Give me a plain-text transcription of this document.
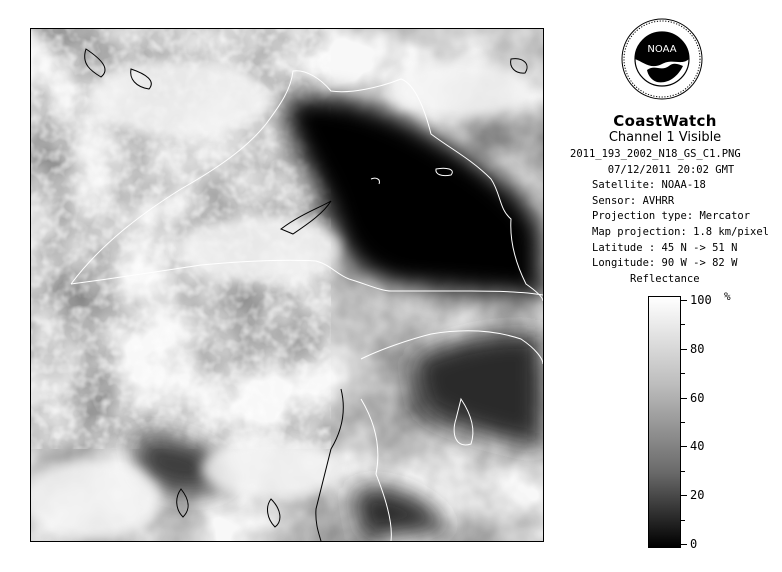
NOAA
CoastWatch
Channel 1 Visible
2011_193_2002_N18_GS_C1.PNG
07/12/2011 20:02 GMT
Satellite: NOAA-18
Sensor: AVHRR
Projection type: Mercator
Map projection: 1.8 km/pixel
Latitude : 45 N -> 51 N
Longitude: 90 W -> 82 W
Reflectance
%
100
80
60
40
20
0
